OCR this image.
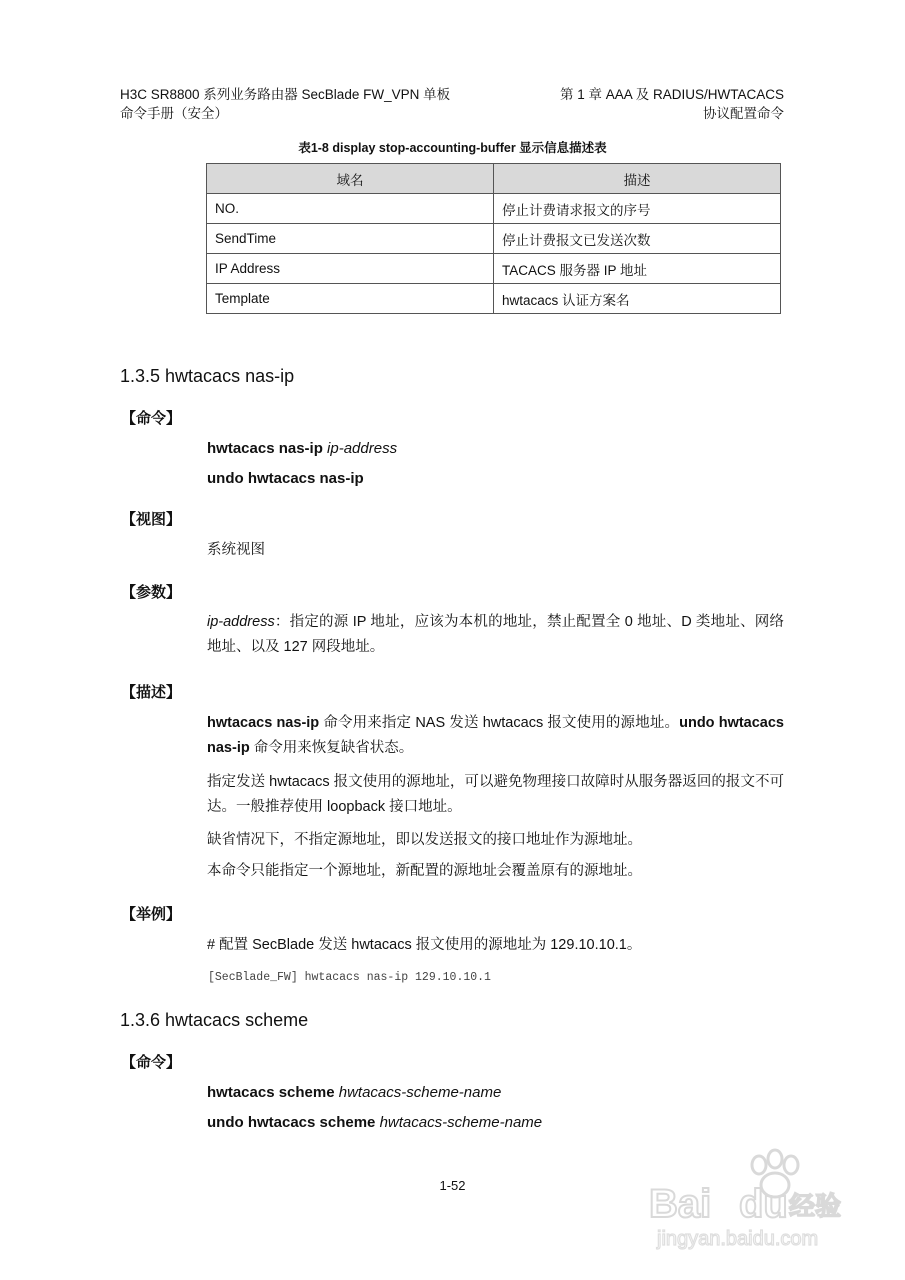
H3C SR8800 系列业务路由器 SecBlade FW_VPN 单板
命令手册（安全）
第 1 章 AAA 及 RADIUS/HWTACACS
协议配置命令
表1-8 display stop-accounting-buffer 显示信息描述表
域名	描述
NO.	停止计费请求报文的序号
SendTime	停止计费报文已发送次数
IP Address	TACACS 服务器 IP 地址
Template	hwtacacs 认证方案名
1.3.5 hwtacacs nas-ip
【命令】
hwtacacs nas-ip ip-address
undo hwtacacs nas-ip
【视图】
系统视图
【参数】
ip-address：指定的源 IP 地址，应该为本机的地址，禁止配置全 0 地址、D 类地址、网络地址、以及 127 网段地址。
【描述】
hwtacacs nas-ip 命令用来指定 NAS 发送 hwtacacs 报文使用的源地址。undo hwtacacs nas-ip 命令用来恢复缺省状态。
指定发送 hwtacacs 报文使用的源地址，可以避免物理接口故障时从服务器返回的报文不可达。一般推荐使用 loopback 接口地址。
缺省情况下，不指定源地址，即以发送报文的接口地址作为源地址。
本命令只能指定一个源地址，新配置的源地址会覆盖原有的源地址。
【举例】
# 配置 SecBlade 发送 hwtacacs 报文使用的源地址为 129.10.10.1。
[SecBlade_FW] hwtacacs nas-ip 129.10.10.1
1.3.6 hwtacacs scheme
【命令】
hwtacacs scheme hwtacacs-scheme-name
undo hwtacacs scheme hwtacacs-scheme-name
1-52	Bai du 经验
jingyan.baidu.com
